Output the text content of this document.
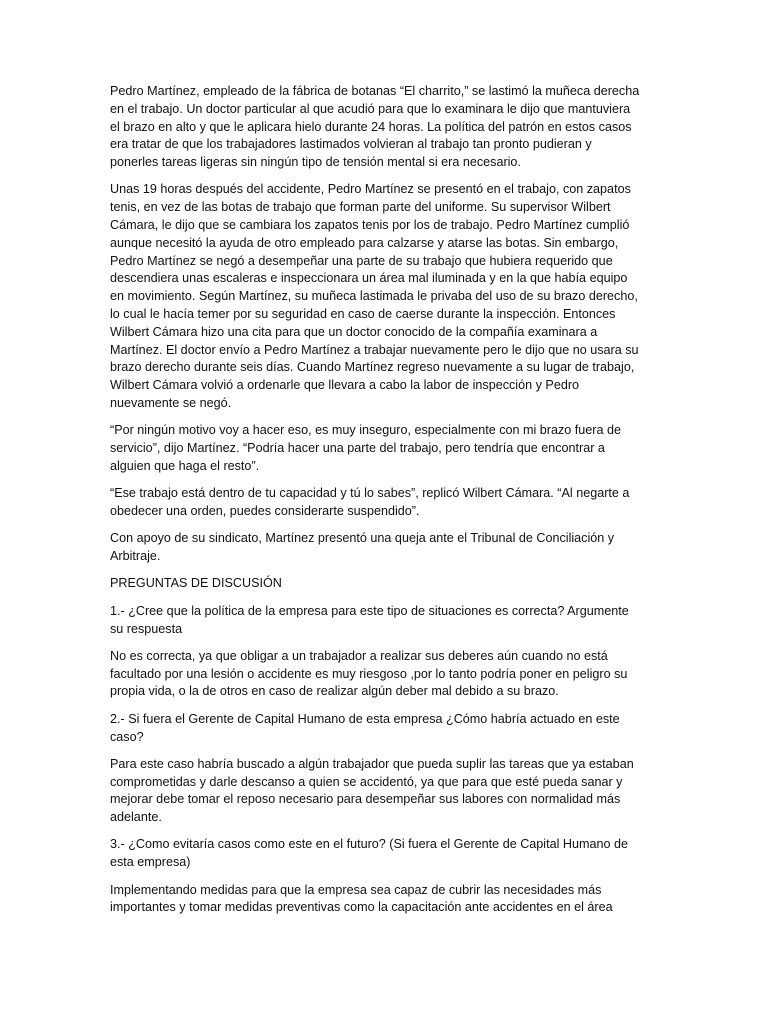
Pedro Martínez, empleado de la fábrica de botanas “El charrito,” se lastimó la muñeca derecha en el trabajo. Un doctor particular al que acudió para que lo examinara le dijo que mantuviera el brazo en alto y que le aplicara hielo durante 24 horas. La política del patrón en estos casos era tratar de que los trabajadores lastimados volvieran al trabajo tan pronto pudieran y ponerles tareas ligeras sin ningún tipo de tensión mental si era necesario.

Unas 19 horas después del accidente, Pedro Martínez se presentó en el trabajo, con zapatos tenis, en vez de las botas de trabajo que forman parte del uniforme. Su supervisor Wilbert Cámara, le dijo que se cambiara los zapatos tenis por los de trabajo. Pedro Martínez cumplió aunque necesitó la ayuda de otro empleado para calzarse y atarse las botas. Sin embargo, Pedro Martínez se negó a desempeñar una parte de su trabajo que hubiera requerido que descendiera unas escaleras e inspeccionara un área mal iluminada y en la que había equipo en movimiento. Según Martínez, su muñeca lastimada le privaba del uso de su brazo derecho, lo cual le hacía temer por su seguridad en caso de caerse durante la inspección. Entonces Wilbert Cámara hizo una cita para que un doctor conocido de la compañía examinara a Martínez. El doctor envío a Pedro Martínez a trabajar nuevamente pero le dijo que no usara su brazo derecho durante seis días. Cuando Martínez regreso nuevamente a su lugar de trabajo, Wilbert Cámara volvió a ordenarle que llevara a cabo la labor de inspección y Pedro nuevamente se negó.

“Por ningún motivo voy a hacer eso, es muy inseguro, especialmente con mi brazo fuera de servicio”, dijo Martínez. “Podría hacer una parte del trabajo, pero tendría que encontrar a alguien que haga el resto”.

“Ese trabajo está dentro de tu capacidad y tú lo sabes”, replicó Wilbert Cámara. “Al negarte a obedecer una orden, puedes considerarte suspendido”.

Con apoyo de su sindicato, Martínez presentó una queja ante el Tribunal de Conciliación y Arbitraje.

PREGUNTAS DE DISCUSIÓN

1.- ¿Cree que la política de la empresa para este tipo de situaciones es correcta? Argumente su respuesta

No es correcta, ya que obligar a un trabajador a realizar sus deberes aún cuando no está facultado por una lesión o accidente es muy riesgoso ,por lo tanto podría poner en peligro su propia vida, o la de otros en caso de realizar algún deber mal debido a su brazo.

2.- Si fuera el Gerente de Capital Humano de esta empresa ¿Cómo habría actuado en este caso?

Para este caso habría buscado a algún trabajador que pueda suplir las tareas que ya estaban comprometidas y darle descanso a quien se accidentó, ya que para que esté pueda sanar y mejorar debe tomar el reposo necesario para desempeñar sus labores con normalidad más adelante.

3.- ¿Como evitaría casos como este en el futuro? (Si fuera el Gerente de Capital Humano de esta empresa)

Implementando medidas para que la empresa sea capaz de cubrir las necesidades más importantes y tomar medidas preventivas como la capacitación ante accidentes en el área
